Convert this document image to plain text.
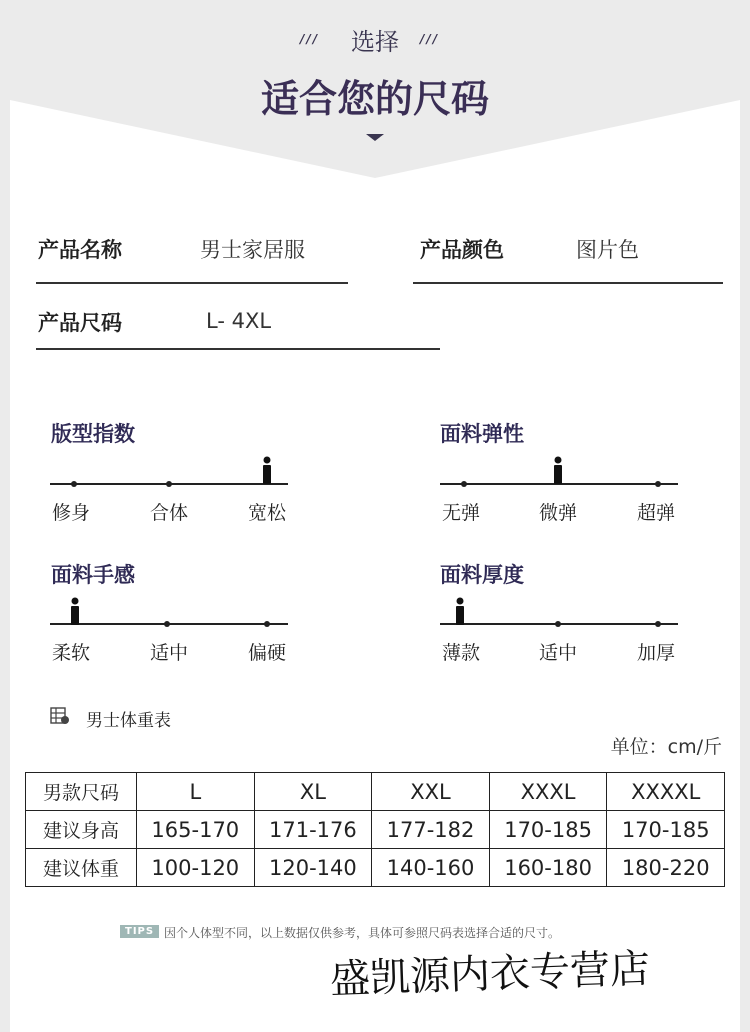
///	选择	///
适合您的尺码
产品名称	男士家居服	产品颜色	图片色
产品尺码	L- 4XL
版型指数
修身	合体	宽松
面料弹性
无弹	微弹	超弹
面料手感
柔软	适中	偏硬
面料厚度
薄款	适中	加厚
男士体重表
单位：cm/斤
男款尺码	L	XL	XXL	XXXL	XXXXL
建议身高	165-170	171-176	177-182	170-185	170-185
建议体重	100-120	120-140	140-160	160-180	180-220
TIPS 因个人体型不同，以上数据仅供参考，具体可参照尺码表选择合适的尺寸。
盛凯源内衣专营店
